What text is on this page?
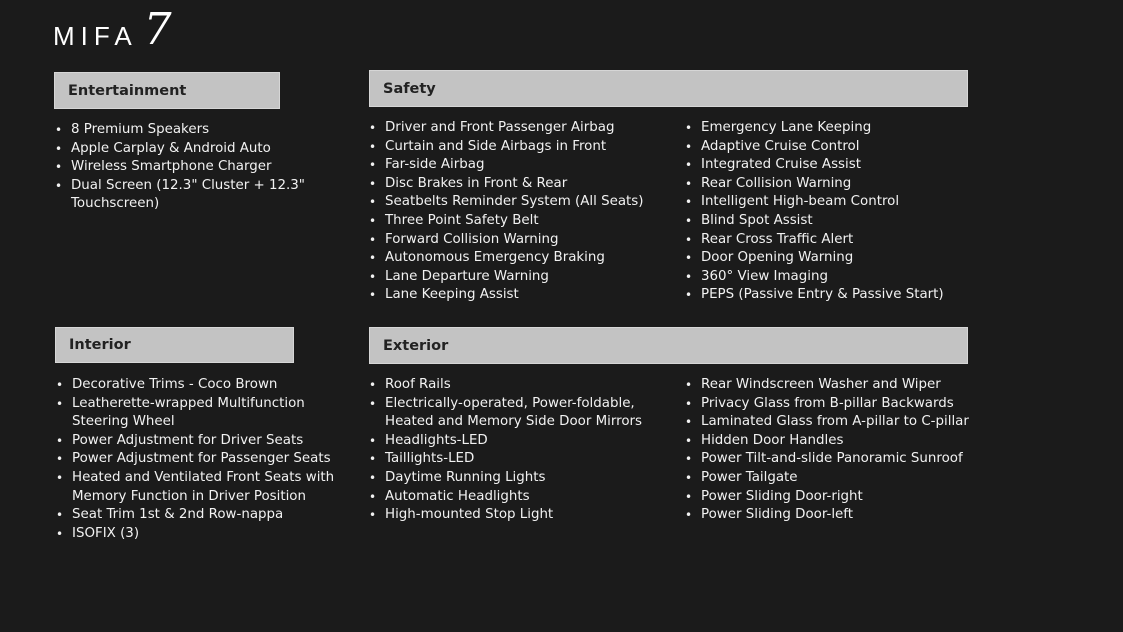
MIFA 7
Entertainment
• 8 Premium Speakers
• Apple Carplay & Android Auto
• Wireless Smartphone Charger
• Dual Screen (12.3" Cluster + 12.3" Touchscreen)
Safety
• Driver and Front Passenger Airbag
• Curtain and Side Airbags in Front
• Far-side Airbag
• Disc Brakes in Front & Rear
• Seatbelts Reminder System (All Seats)
• Three Point Safety Belt
• Forward Collision Warning
• Autonomous Emergency Braking
• Lane Departure Warning
• Lane Keeping Assist
• Emergency Lane Keeping
• Adaptive Cruise Control
• Integrated Cruise Assist
• Rear Collision Warning
• Intelligent High-beam Control
• Blind Spot Assist
• Rear Cross Traffic Alert
• Door Opening Warning
• 360° View Imaging
• PEPS (Passive Entry & Passive Start)
Interior
• Decorative Trims - Coco Brown
• Leatherette-wrapped Multifunction Steering Wheel
• Power Adjustment for Driver Seats
• Power Adjustment for Passenger Seats
• Heated and Ventilated Front Seats with Memory Function in Driver Position
• Seat Trim 1st & 2nd Row-nappa
• ISOFIX (3)
Exterior
• Roof Rails
• Electrically-operated, Power-foldable, Heated and Memory Side Door Mirrors
• Headlights-LED
• Taillights-LED
• Daytime Running Lights
• Automatic Headlights
• High-mounted Stop Light
• Rear Windscreen Washer and Wiper
• Privacy Glass from B-pillar Backwards
• Laminated Glass from A-pillar to C-pillar
• Hidden Door Handles
• Power Tilt-and-slide Panoramic Sunroof
• Power Tailgate
• Power Sliding Door-right
• Power Sliding Door-left
